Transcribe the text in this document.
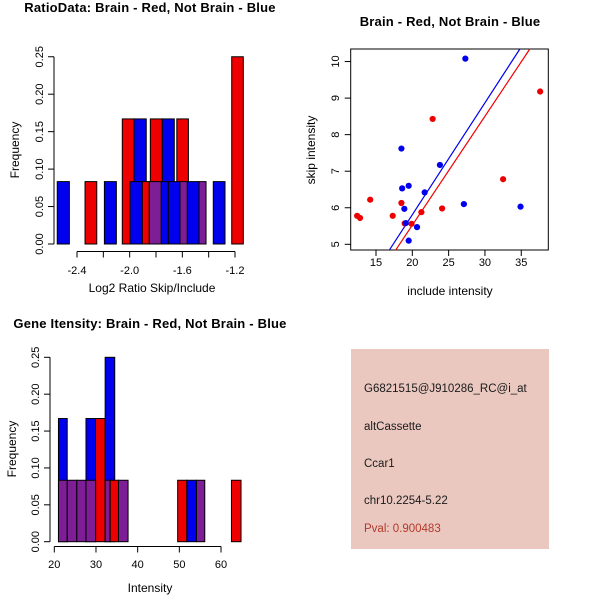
0.00
0.05
0.10
0.15
0.20
0.25
-2.4	-2.0	-1.6	-1.2
15 20 25 30 35
5
6
7
8
9
10
0.00
0.05
0.10
0.15
0.20
0.25
20	30	40	50	60
RatioData: Brain - Red, Not Brain - Blue
Brain - Red, Not Brain - Blue
Gene Itensity: Brain - Red, Not Brain - Blue
Log2 Ratio Skip/Include	include intensity
Intensity
Frequency	skip intensity
Frequency
G6821515@J910286_RC@i_at
altCassette
Ccar1
chr10.2254-5.22
Pval: 0.900483
